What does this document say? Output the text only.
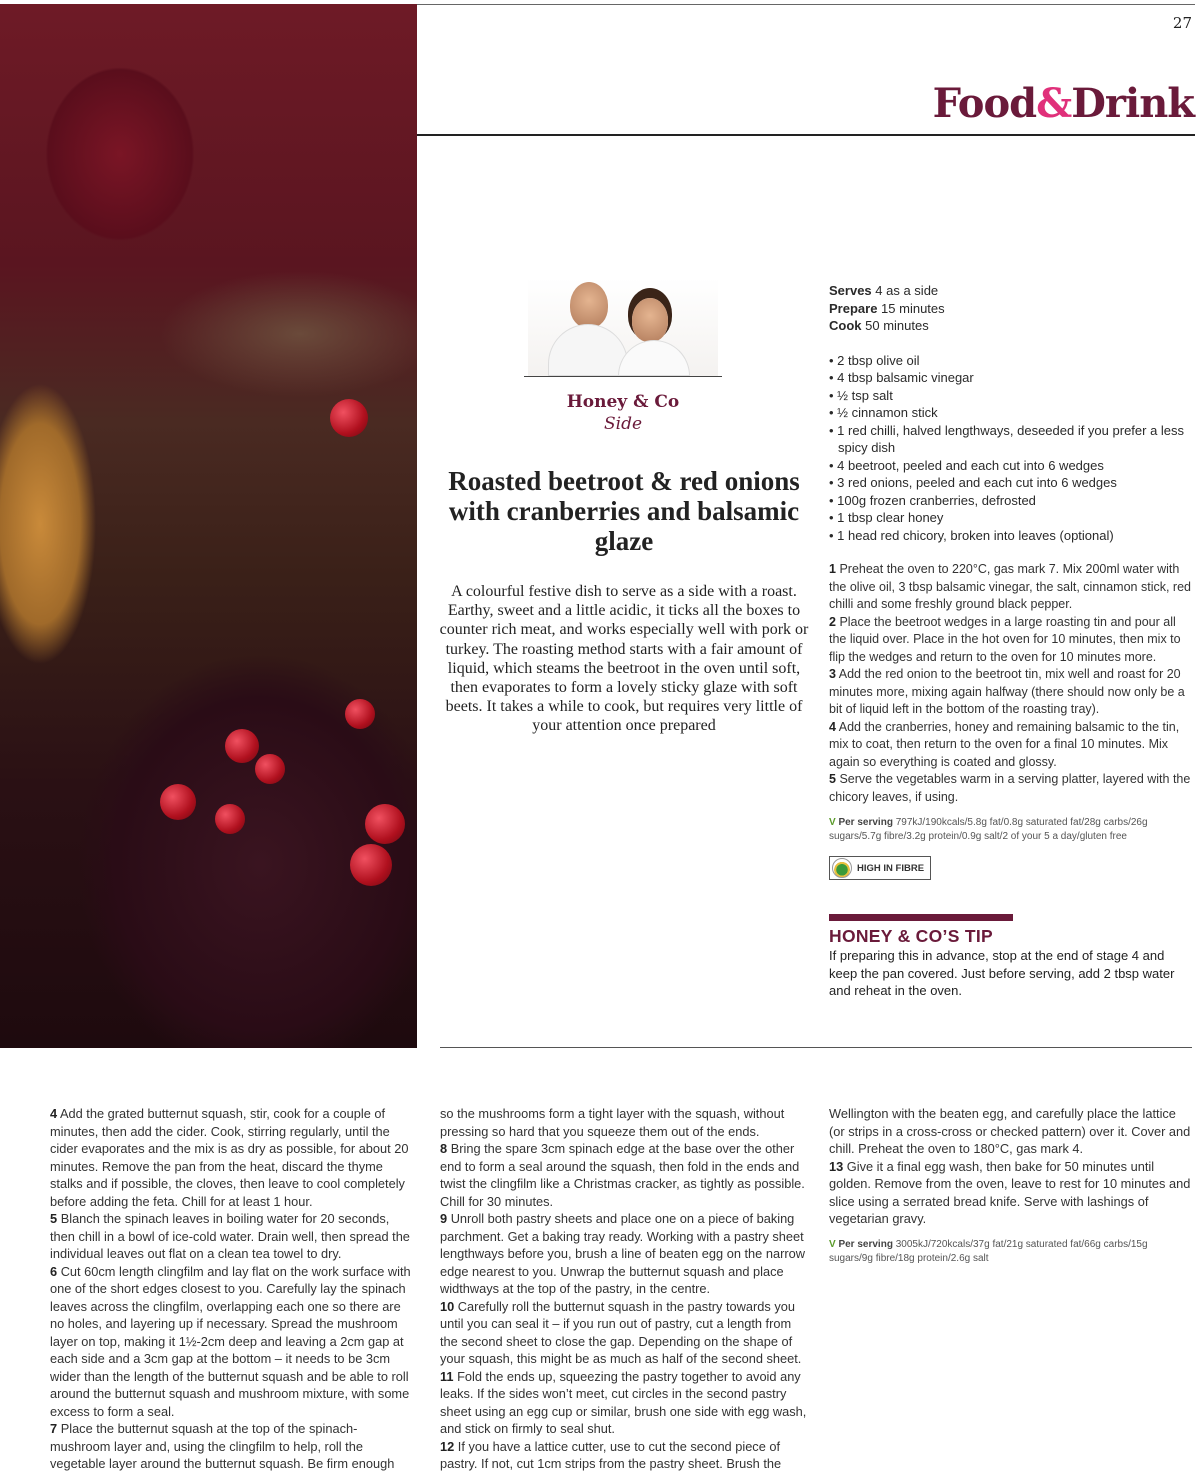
27
Food&Drink
Honey & Co
Side
Roasted beetroot & red onions with cranberries and balsamic glaze

A colourful festive dish to serve as a side with a roast. Earthy, sweet and a little acidic, it ticks all the boxes to counter rich meat, and works especially well with pork or turkey. The roasting method starts with a fair amount of liquid, which steams the beetroot in the oven until soft, then evaporates to form a lovely sticky glaze with soft beets. It takes a while to cook, but requires very little of your attention once prepared

Serves 4 as a side
Prepare 15 minutes
Cook 50 minutes
• 2 tbsp olive oil
• 4 tbsp balsamic vinegar
• ½ tsp salt
• ½ cinnamon stick
• 1 red chilli, halved lengthways, deseeded if you prefer a less spicy dish
• 4 beetroot, peeled and each cut into 6 wedges
• 3 red onions, peeled and each cut into 6 wedges
• 100g frozen cranberries, defrosted
• 1 tbsp clear honey
• 1 head red chicory, broken into leaves (optional)
1 Preheat the oven to 220°C, gas mark 7. Mix 200ml water with the olive oil, 3 tbsp balsamic vinegar, the salt, cinnamon stick, red chilli and some freshly ground black pepper.
2 Place the beetroot wedges in a large roasting tin and pour all the liquid over. Place in the hot oven for 10 minutes, then mix to flip the wedges and return to the oven for 10 minutes more.
3 Add the red onion to the beetroot tin, mix well and roast for 20 minutes more, mixing again halfway (there should now only be a bit of liquid left in the bottom of the roasting tray).
4 Add the cranberries, honey and remaining balsamic to the tin, mix to coat, then return to the oven for a final 10 minutes. Mix again so everything is coated and glossy.
5 Serve the vegetables warm in a serving platter, layered with the chicory leaves, if using.
V Per serving 797kJ/190kcals/5.8g fat/0.8g saturated fat/28g carbs/26g sugars/5.7g fibre/3.2g protein/0.9g salt/2 of your 5 a day/gluten free
HIGH IN FIBRE
HONEY & CO’S TIP
If preparing this in advance, stop at the end of stage 4 and keep the pan covered. Just before serving, add 2 tbsp water and reheat in the oven.
4 Add the grated butternut squash, stir, cook for a couple of minutes, then add the cider. Cook, stirring regularly, until the cider evaporates and the mix is as dry as possible, for about 20 minutes. Remove the pan from the heat, discard the thyme stalks and if possible, the cloves, then leave to cool completely before adding the feta. Chill for at least 1 hour.
5 Blanch the spinach leaves in boiling water for 20 seconds, then chill in a bowl of ice-cold water. Drain well, then spread the individual leaves out flat on a clean tea towel to dry.
6 Cut 60cm length clingfilm and lay flat on the work surface with one of the short edges closest to you. Carefully lay the spinach leaves across the clingfilm, overlapping each one so there are no holes, and layering up if necessary. Spread the mushroom layer on top, making it 1½-2cm deep and leaving a 2cm gap at each side and a 3cm gap at the bottom – it needs to be 3cm wider than the length of the butternut squash and be able to roll around the butternut squash and mushroom mixture, with some excess to form a seal.
7 Place the butternut squash at the top of the spinach-mushroom layer and, using the clingfilm to help, roll the vegetable layer around the butternut squash. Be firm enough
so the mushrooms form a tight layer with the squash, without pressing so hard that you squeeze them out of the ends.
8 Bring the spare 3cm spinach edge at the base over the other end to form a seal around the squash, then fold in the ends and twist the clingfilm like a Christmas cracker, as tightly as possible. Chill for 30 minutes.
9 Unroll both pastry sheets and place one on a piece of baking parchment. Get a baking tray ready. Working with a pastry sheet lengthways before you, brush a line of beaten egg on the narrow edge nearest to you. Unwrap the butternut squash and place widthways at the top of the pastry, in the centre.
10 Carefully roll the butternut squash in the pastry towards you until you can seal it – if you run out of pastry, cut a length from the second sheet to close the gap. Depending on the shape of your squash, this might be as much as half of the second sheet.
11 Fold the ends up, squeezing the pastry together to avoid any leaks. If the sides won’t meet, cut circles in the second pastry sheet using an egg cup or similar, brush one side with egg wash, and stick on firmly to seal shut.
12 If you have a lattice cutter, use to cut the second piece of pastry. If not, cut 1cm strips from the pastry sheet. Brush the
Wellington with the beaten egg, and carefully place the lattice (or strips in a cross-cross or checked pattern) over it. Cover and chill. Preheat the oven to 180°C, gas mark 4.
13 Give it a final egg wash, then bake for 50 minutes until golden. Remove from the oven, leave to rest for 10 minutes and slice using a serrated bread knife. Serve with lashings of vegetarian gravy.
V Per serving 3005kJ/720kcals/37g fat/21g saturated fat/66g carbs/15g sugars/9g fibre/18g protein/2.6g salt
